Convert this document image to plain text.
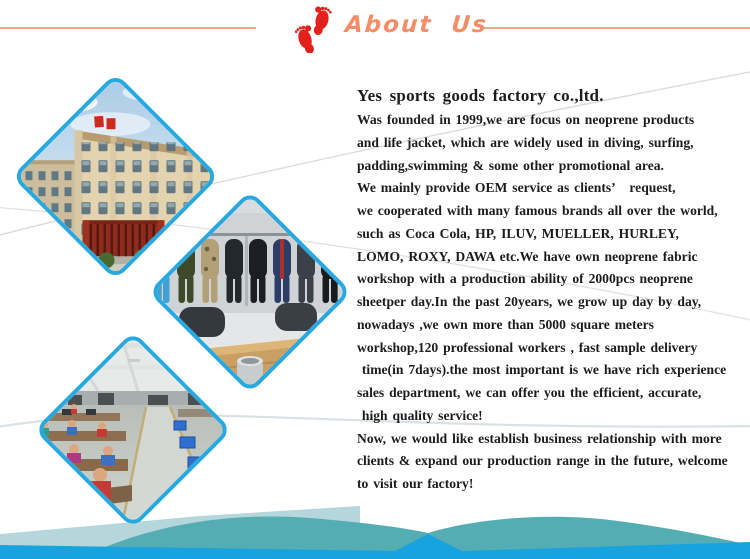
About Us
Yes sports goods factory co.,ltd.
Was founded in 1999,we are focus on neoprene products
and life jacket, which are widely used in diving, surfing,
padding,swimming & some other promotional area.
We mainly provide OEM service as clients’   request,
we cooperated with many famous brands all over the world,
such as Coca Cola, HP, ILUV, MUELLER, HURLEY,
LOMO, ROXY, DAWA etc.We have own neoprene fabric
workshop with a production ability of 2000pcs neoprene
sheetper day.In the past 20years, we grow up day by day,
nowadays ,we own more than 5000 square meters
workshop,120 professional workers , fast sample delivery
time(in 7days).the most important is we have rich experience
sales department, we can offer you the efficient, accurate,
high quality service!
Now, we would like establish business relationship with more
clients & expand our production range in the future, welcome
to visit our factory!
